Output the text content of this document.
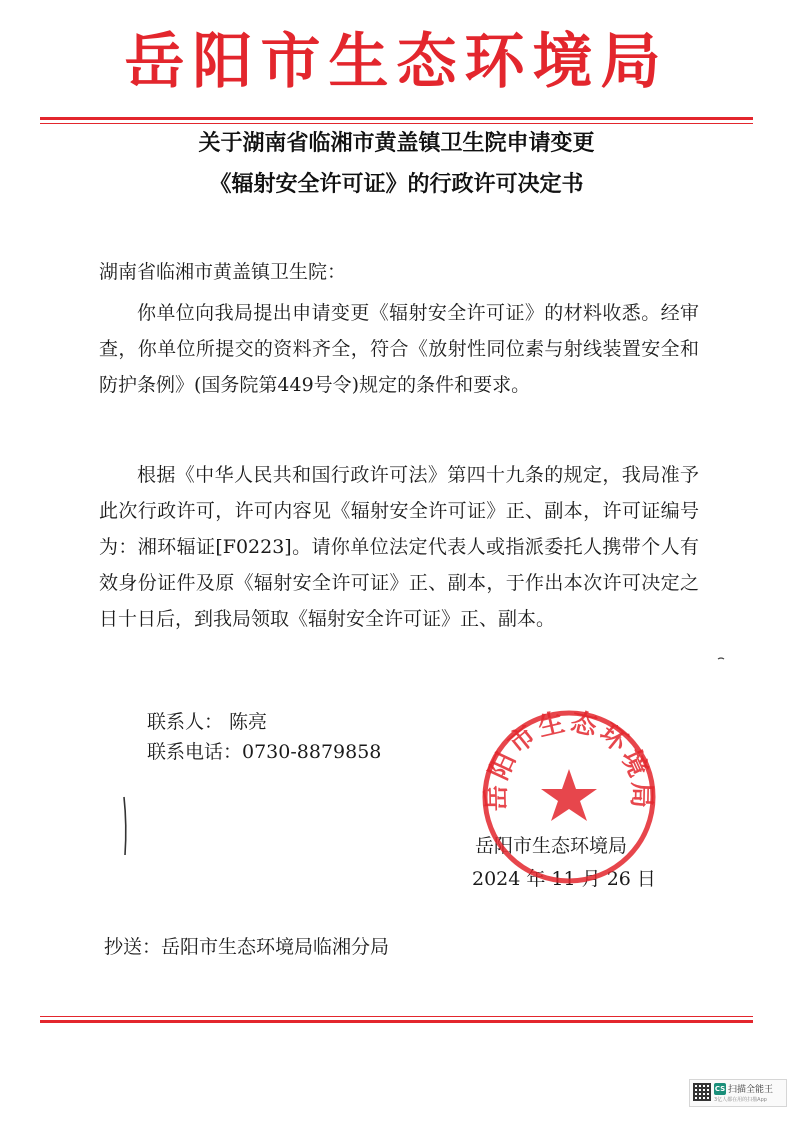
岳阳市生态环境局
关于湖南省临湘市黄盖镇卫生院申请变更
《辐射安全许可证》的行政许可决定书
湖南省临湘市黄盖镇卫生院：

你单位向我局提出申请变更《辐射安全许可证》的材料收悉。经审查，你单位所提交的资料齐全，符合《放射性同位素与射线装置安全和防护条例》(国务院第449号令)规定的条件和要求。

根据《中华人民共和国行政许可法》第四十九条的规定，我局准予此次行政许可，许可内容见《辐射安全许可证》正、副本，许可证编号为：湘环辐证[F0223]。请你单位法定代表人或指派委托人携带个人有效身份证件及原《辐射安全许可证》正、副本，于作出本次许可决定之日十日后，到我局领取《辐射安全许可证》正、副本。

联系人： 陈亮
联系电话：0730-8879858
岳阳市生态环境局
2024 年 11 月 26 日
岳阳市生态环境局
抄送：岳阳市生态环境局临湘分局
CS 扫描全能王
3亿人都在用的扫描App
